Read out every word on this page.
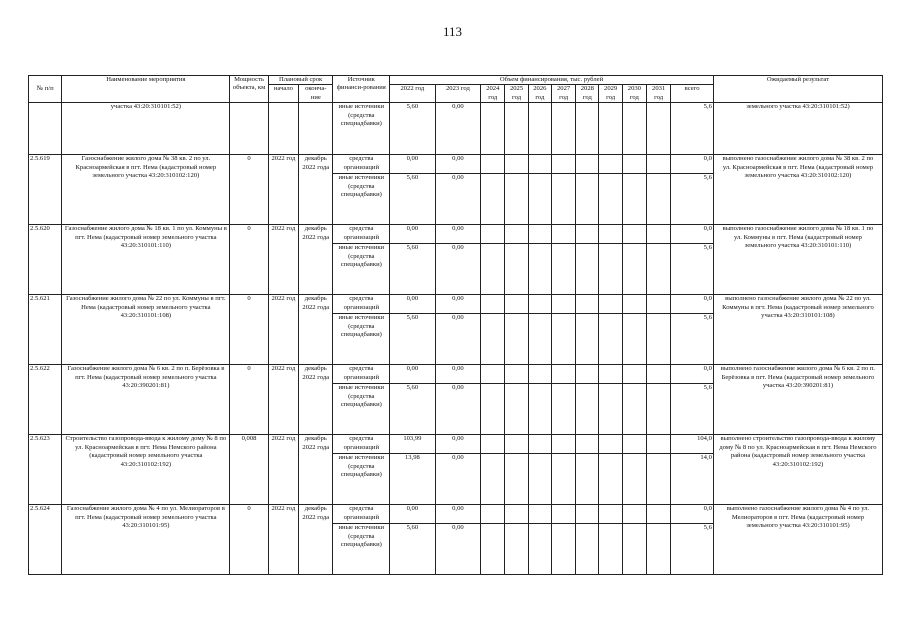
113
№ п/п	Наименование мероприятия	Мощность объекта, км	Плановый срок		Источник финанси-рования	Объем финансирования, тыс. рублей											Ожидаемый результат
			начало	оконча-ние		2022 год	2023 год	2024 год	2025 год	2026 год	2027 год	2028 год	2029 год	2030 год	2031 год	всего	

	участка 43:20:310101:52)				иные источники (средства спецнадбавки)	5,60	0,00									5,6	земельного участка 43:20:310101:52)
2.5.619	Газоснабжение жилого дома № 38 кв. 2 по ул. Красноармейская в пгт. Нема (кадастровый номер земельного участка 43:20:310102:120)	0	2022 год	декабрь 2022 года	средства организаций	0,00	0,00									0,0	выполнено газоснабжение жилого дома № 38 кв. 2 по ул. Красноармейская в пгт. Нема (кадастровый номер земельного участка 43:20:310102:120)
					иные источники (средства спецнадбавки)	5,60	0,00									5,6	
2.5.620	Газоснабжение жилого дома № 18 кв. 1 по ул. Коммуны в пгт. Нема (кадастровый номер земельного участка 43:20:310101:110)	0	2022 год	декабрь 2022 года	средства организаций	0,00	0,00									0,0	выполнено газоснабжение жилого дома № 18 кв. 1 по ул. Коммуны в пгт. Нема (кадастровый номер земельного участка 43:20:310101:110)
					иные источники (средства спецнадбавки)	5,60	0,00									5,6	
2.5.621	Газоснабжение жилого дома № 22 по ул. Коммуны в пгт. Нема (кадастровый номер земельного участка 43:20:310101:108)	0	2022 год	декабрь 2022 года	средства организаций	0,00	0,00									0,0	выполнено газоснабжение жилого дома № 22 по ул. Коммуны в пгт. Нема (кадастровый номер земельного участка 43:20:310101:108)
					иные источники (средства спецнадбавки)	5,60	0,00									5,6	
2.5.622	Газоснабжение жилого дома № 6 кв. 2 по п. Берёзовка в пгт. Нема (кадастровый номер земельного участка 43:20:390201:81)	0	2022 год	декабрь 2022 года	средства организаций	0,00	0,00									0,0	выполнено газоснабжение жилого дома № 6 кв. 2 по п. Берёзовка в пгт. Нема (кадастровый номер земельного участка 43:20:390201:81)
					иные источники (средства спецнадбавки)	5,60	0,00									5,6	
2.5.623	Строительство газопровода-ввода к жилому дому № 8 по ул. Красноармейская в пгт. Нема Немского района (кадастровый номер земельного участка 43:20:310102:192)	0,008	2022 год	декабрь 2022 года	средства организаций	103,99	0,00									104,0	выполнено строительство газопровода-ввода к жилому дому № 8 по ул. Красноармейская в пгт. Нема Немского района (кадастровый номер земельного участка 43:20:310102:192)
					иные источники (средства спецнадбавки)	13,98	0,00									14,0	
2.5.624	Газоснабжение жилого дома № 4 по ул. Мелиораторов в пгт. Нема (кадастровый номер земельного участка 43:20:310101:95)	0	2022 год	декабрь 2022 года	средства организаций	0,00	0,00									0,0	выполнено газоснабжение жилого дома № 4 по ул. Мелиораторов в пгт. Нема (кадастровый номер земельного участка 43:20:310101:95)
					иные источники (средства спецнадбавки)	5,60	0,00									5,6	
